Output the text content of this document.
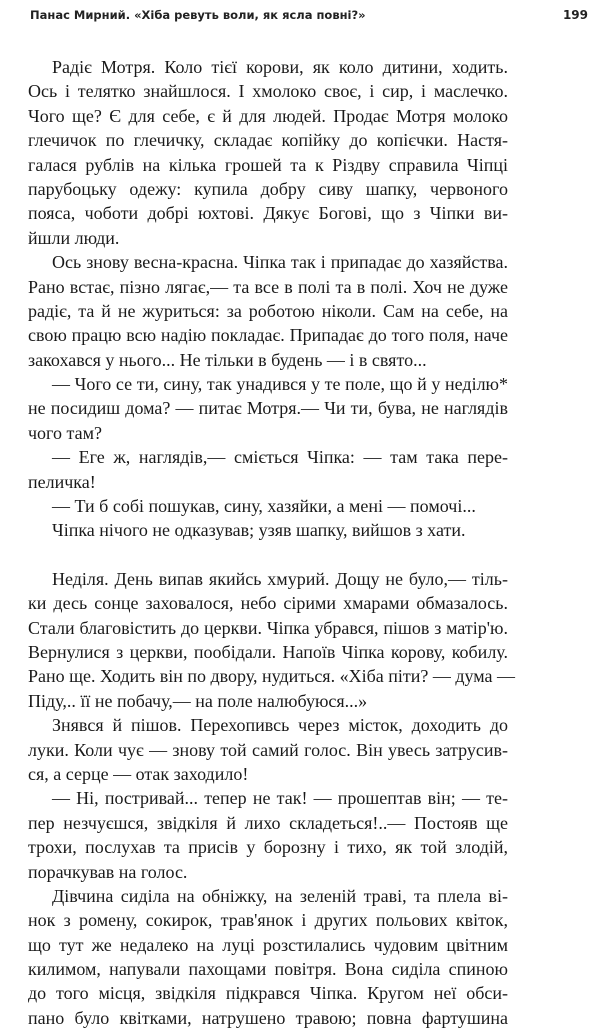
Панас Мирний. «Хіба ревуть воли, як ясла повні?»	199
Радіє Мотря. Коло тієї корови, як коло дитини, ходить.
Ось і телятко знайшлося. І хмолоко своє, і сир, і маслечко.
Чого ще? Є для себе, є й для людей. Продає Мотря молоко
глечичок по глечичку, складає копійку до копієчки. Настя-
галася рублів на кілька грошей та к Різдву справила Чіпці
парубоцьку одежу: купила добру сиву шапку, червоного
пояса, чоботи добрі юхтові. Дякує Богові, що з Чіпки ви-
йшли люди.
Ось знову весна-красна. Чіпка так і припадає до хазяйства.
Рано встає, пізно лягає,— та все в полі та в полі. Хоч не дуже
радіє, та й не журиться: за роботою ніколи. Сам на себе, на
свою працю всю надію покладає. Припадає до того поля, наче
закохався у нього... Не тільки в будень — і в свято...
— Чого се ти, сину, так унадився у те поле, що й у неділю*
не посидиш дома? — питає Мотря.— Чи ти, бува, не наглядів
чого там?
— Еге ж, наглядів,— сміється Чіпка: — там така пере-
пеличка!
— Ти б собі пошукав, сину, хазяйки, а мені — помочі...
Чіпка нічого не одказував; узяв шапку, вийшов з хати.
Неділя. День випав якийсь хмурий. Дощу не було,— тіль-
ки десь сонце заховалося, небо сірими хмарами обмазалось.
Стали благовістить до церкви. Чіпка убрався, пішов з матір'ю.
Вернулися з церкви, пообідали. Напоїв Чіпка корову, кобилу.
Рано ще. Ходить він по двору, нудиться. «Хіба піти? — дума —
Піду,.. її не побачу,— на поле налюбуюся...»
Знявся й пішов. Перехопивсь через місток, доходить до
луки. Коли чує — знову той самий голос. Він увесь затрусив-
ся, а серце — отак заходило!
— Ні, постривай... тепер не так! — прошептав він; — те-
пер незчуєшся, звідкіля й лихо складеться!..— Постояв ще
трохи, послухав та присів у борозну і тихо, як той злодій,
порачкував на голос.
Дівчина сиділа на обніжку, на зеленій траві, та плела ві-
нок з ромену, сокирок, трав'янок і других польових квіток,
що тут же недалеко на луці розстилались чудовим цвітним
килимом, напували пахощами повітря. Вона сиділа спиною
до того місця, звідкіля підкрався Чіпка. Кругом неї обси-
пано було квітками, натрушено травою; повна фартушина
